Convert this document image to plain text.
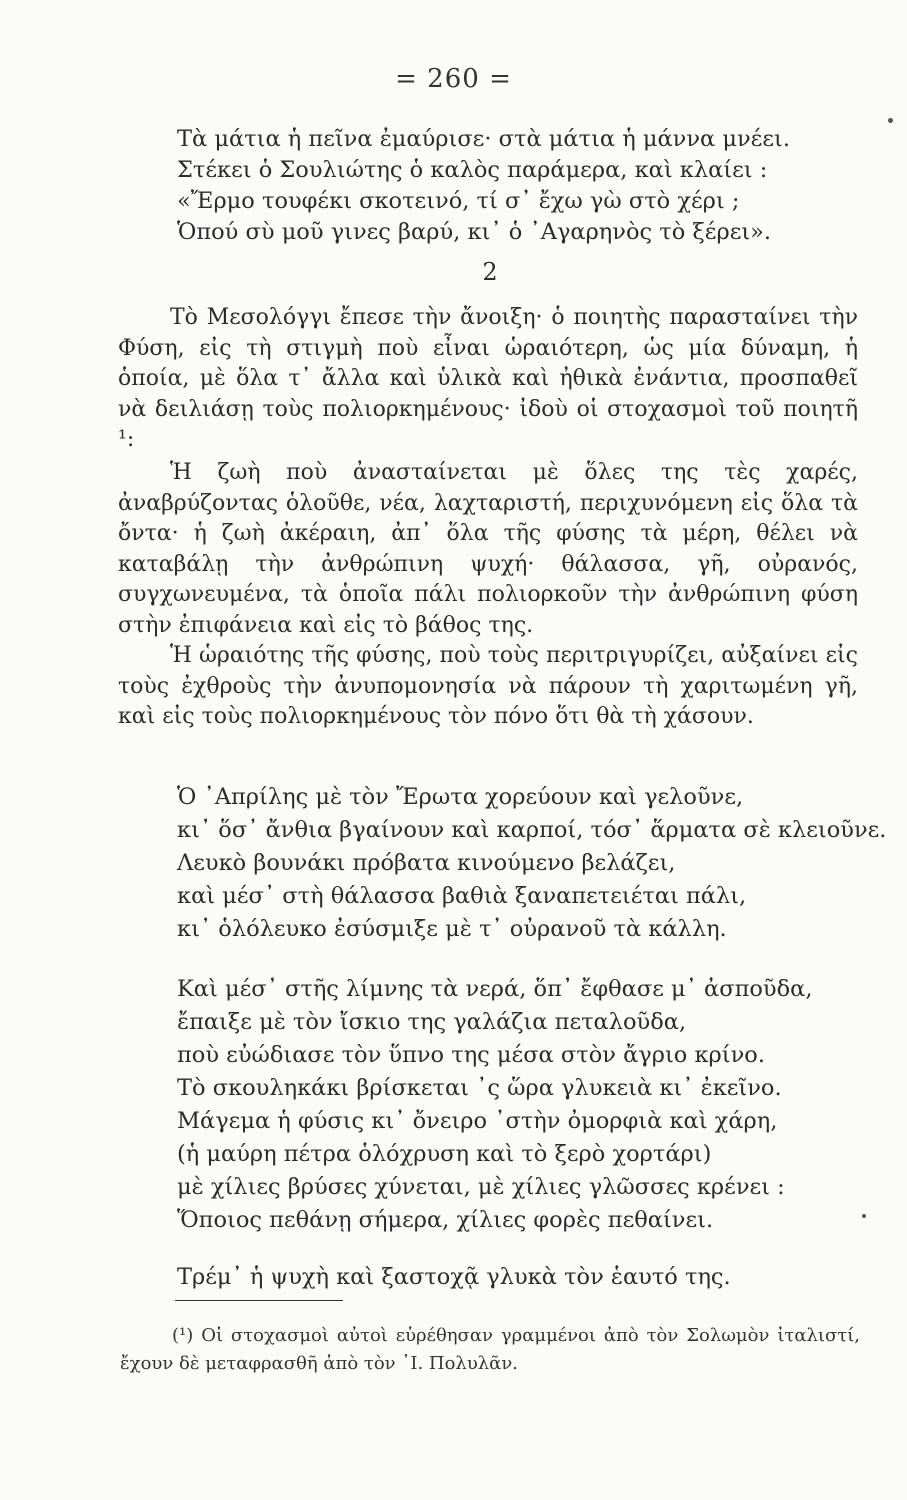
= 260 =
Τὰ μάτια ἡ πεῖνα ἐμαύρισε· στὰ μάτια ἡ μάννα μνέει.
Στέκει ὁ Σουλιώτης ὁ καλὸς παράμερα, καὶ κλαίει :
«Ἔρμο τουφέκι σκοτεινό, τί σ᾿ ἔχω γὼ στὸ χέρι ;
Ὁπού σὺ μοῦ γινες βαρύ, κι᾿ ὁ ᾿Αγαρηνὸς τὸ ξέρει».
2

Τὸ Μεσολόγγι ἔπεσε τὴν ἄνοιξη· ὁ ποιητὴς παρασταίνει τὴν Φύση, εἰς τὴ στιγμὴ ποὺ εἶναι ὡραιότερη, ὡς μία δύναμη, ἡ ὁποία, μὲ ὅλα τ᾿ ἄλλα καὶ ὑλικὰ καὶ ἠθικὰ ἐνάντια, προσπαθεῖ νὰ δειλιάσῃ τοὺς πολιορκημένους· ἰδοὺ οἱ στοχασμοὶ τοῦ ποιητῆ ¹:

Ἡ ζωὴ ποὺ ἀνασταίνεται μὲ ὅλες της τὲς χαρές, ἀναβρύζοντας ὁλοῦθε, νέα, λαχταριστή, περιχυνόμενη εἰς ὅλα τὰ ὄντα· ἡ ζωὴ ἀκέραιη, ἀπ᾿ ὅλα τῆς φύσης τὰ μέρη, θέλει νὰ καταβάλῃ τὴν ἀνθρώπινη ψυχή· θάλασσα, γῆ, οὐρανός, συγχωνευμένα, τὰ ὁποῖα πάλι πολιορκοῦν τὴν ἀνθρώπινη φύση στὴν ἐπιφάνεια καὶ εἰς τὸ βάθος της.

Ἡ ὡραιότης τῆς φύσης, ποὺ τοὺς περιτριγυρίζει, αὐξαίνει εἰς τοὺς ἐχθροὺς τὴν ἀνυπομονησία νὰ πάρουν τὴ χαριτωμένη γῆ, καὶ εἰς τοὺς πολιορκημένους τὸν πόνο ὅτι θὰ τὴ χάσουν.

Ὁ ᾿Απρίλης μὲ τὸν Ἔρωτα χορεύουν καὶ γελοῦνε,
κι᾿ ὅσ᾿ ἄνθια βγαίνουν καὶ καρποί, τόσ᾿ ἅρματα σὲ κλειοῦνε.
Λευκὸ βουνάκι πρόβατα κινούμενο βελάζει,
καὶ μέσ᾿ στὴ θάλασσα βαθιὰ ξαναπετειέται πάλι,
κι᾿ ὁλόλευκο ἐσύσμιξε μὲ τ᾿ οὐρανοῦ τὰ κάλλη.
Καὶ μέσ᾿ στῆς λίμνης τὰ νερά, ὅπ᾿ ἔφθασε μ᾿ ἀσποῦδα,
ἔπαιξε μὲ τὸν ἴσκιο της γαλάζια πεταλοῦδα,
ποὺ εὐώδιασε τὸν ὕπνο της μέσα στὸν ἄγριο κρίνο.
Τὸ σκουληκάκι βρίσκεται ᾿ς ὥρα γλυκειὰ κι᾿ ἐκεῖνο.
Μάγεμα ἡ φύσις κι᾿ ὄνειρο ᾿στὴν ὀμορφιὰ καὶ χάρη,
(ἡ μαύρη πέτρα ὁλόχρυση καὶ τὸ ξερὸ χορτάρι)
μὲ χίλιες βρύσες χύνεται, μὲ χίλιες γλῶσσες κρένει :
Ὅποιος πεθάνῃ σήμερα, χίλιες φορὲς πεθαίνει.
Τρέμ᾿ ἡ ψυχὴ καὶ ξαστοχᾷ γλυκὰ τὸν ἑαυτό της.
(¹) Οἱ στοχασμοὶ αὐτοὶ εὑρέθησαν γραμμένοι ἀπὸ τὸν Σολωμὸν ἰταλιστί, ἔχουν δὲ μεταφρασθῆ ἀπὸ τὸν ᾿Ι. Πολυλᾶν.
